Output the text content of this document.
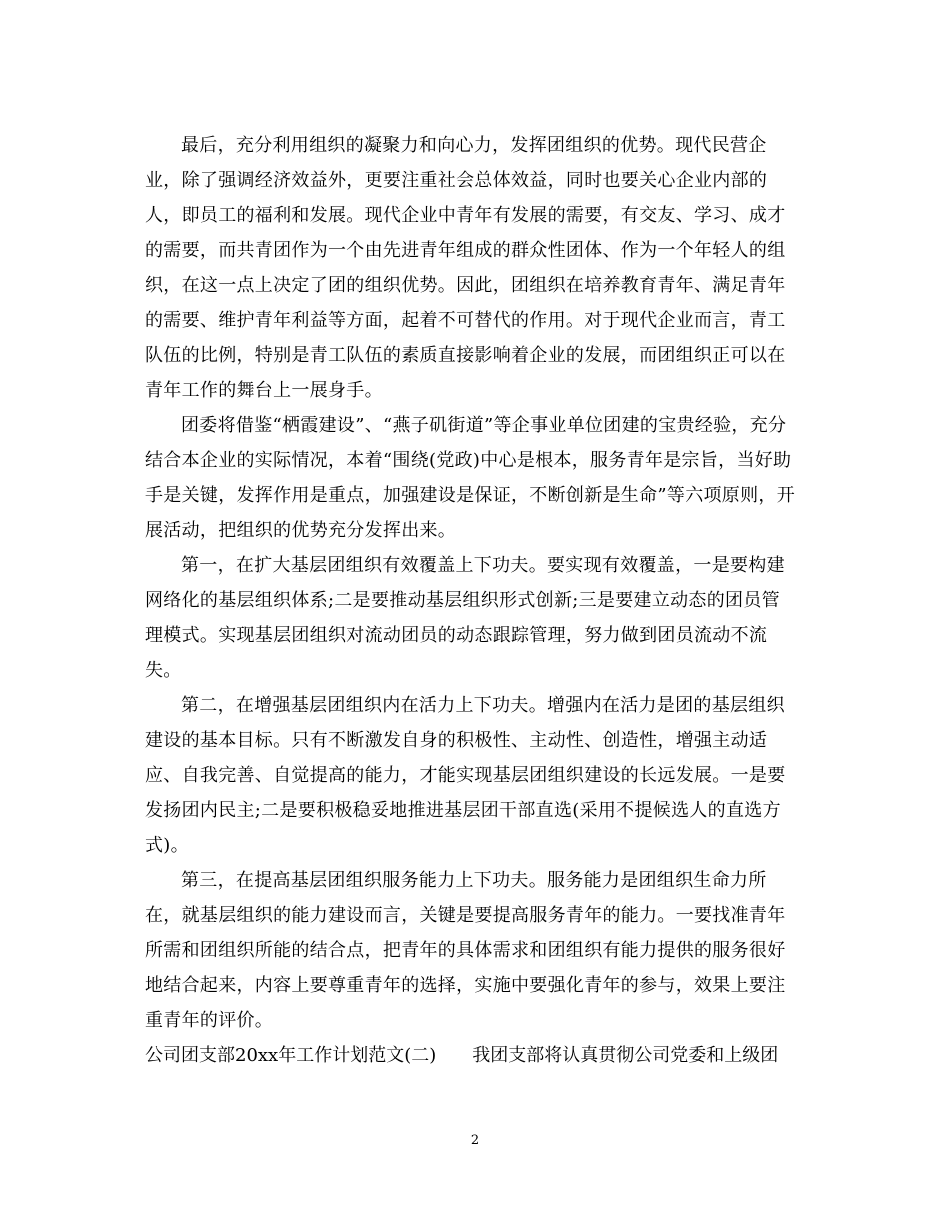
最后，充分利用组织的凝聚力和向心力，发挥团组织的优势。现代民营企
业，除了强调经济效益外，更要注重社会总体效益，同时也要关心企业内部的
人，即员工的福利和发展。现代企业中青年有发展的需要，有交友、学习、成才
的需要，而共青团作为一个由先进青年组成的群众性团体、作为一个年轻人的组
织，在这一点上决定了团的组织优势。因此，团组织在培养教育青年、满足青年
的需要、维护青年利益等方面，起着不可替代的作用。对于现代企业而言，青工
队伍的比例，特别是青工队伍的素质直接影响着企业的发展，而团组织正可以在
青年工作的舞台上一展身手。
团委将借鉴“栖霞建设”、“燕子矶街道”等企事业单位团建的宝贵经验，充分
结合本企业的实际情况，本着“围绕(党政)中心是根本，服务青年是宗旨，当好助
手是关键，发挥作用是重点，加强建设是保证，不断创新是生命”等六项原则，开
展活动，把组织的优势充分发挥出来。
第一，在扩大基层团组织有效覆盖上下功夫。要实现有效覆盖，一是要构建
网络化的基层组织体系;二是要推动基层组织形式创新;三是要建立动态的团员管
理模式。实现基层团组织对流动团员的动态跟踪管理，努力做到团员流动不流
失。
第二，在增强基层团组织内在活力上下功夫。增强内在活力是团的基层组织
建设的基本目标。只有不断激发自身的积极性、主动性、创造性，增强主动适
应、自我完善、自觉提高的能力，才能实现基层团组织建设的长远发展。一是要
发扬团内民主;二是要积极稳妥地推进基层团干部直选(采用不提候选人的直选方
式)。
第三，在提高基层团组织服务能力上下功夫。服务能力是团组织生命力所
在，就基层组织的能力建设而言，关键是要提高服务青年的能力。一要找准青年
所需和团组织所能的结合点，把青年的具体需求和团组织有能力提供的服务很好
地结合起来，内容上要尊重青年的选择，实施中要强化青年的参与，效果上要注
重青年的评价。
公司团支部20xx年工作计划范文(二) 我团支部将认真贯彻公司党委和上级团
2
